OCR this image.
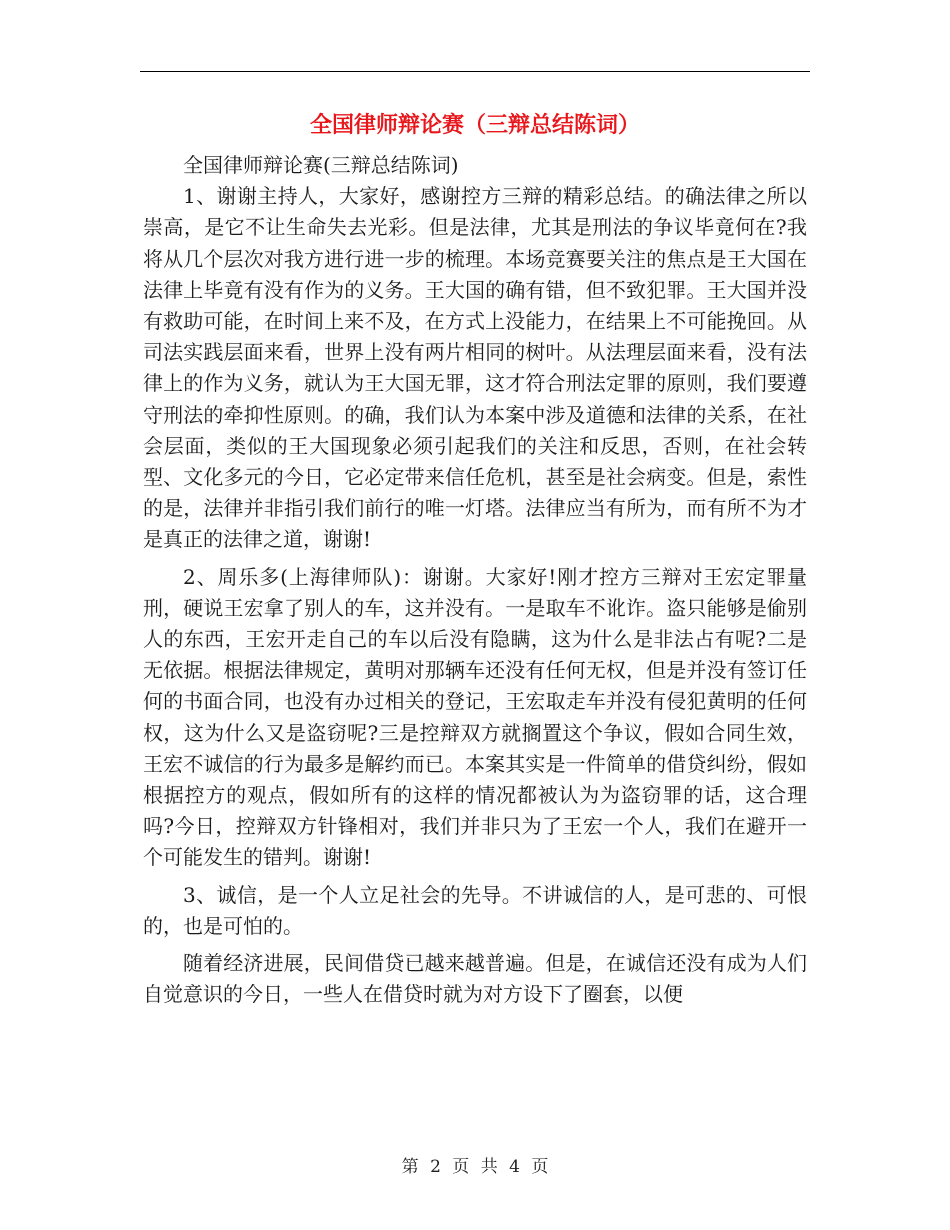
全国律师辩论赛（三辩总结陈词）

全国律师辩论赛(三辩总结陈词)

1、谢谢主持人，大家好，感谢控方三辩的精彩总结。的确法律之所以崇高，是它不让生命失去光彩。但是法律，尤其是刑法的争议毕竟何在?我将从几个层次对我方进行进一步的梳理。本场竞赛要关注的焦点是王大国在法律上毕竟有没有作为的义务。王大国的确有错，但不致犯罪。王大国并没有救助可能，在时间上来不及，在方式上没能力，在结果上不可能挽回。从司法实践层面来看，世界上没有两片相同的树叶。从法理层面来看，没有法律上的作为义务，就认为王大国无罪，这才符合刑法定罪的原则，我们要遵守刑法的牵抑性原则。的确，我们认为本案中涉及道德和法律的关系，在社会层面，类似的王大国现象必须引起我们的关注和反思，否则，在社会转型、文化多元的今日，它必定带来信任危机，甚至是社会病变。但是，索性的是，法律并非指引我们前行的唯一灯塔。法律应当有所为，而有所不为才是真正的法律之道，谢谢!

2、周乐多(上海律师队)：谢谢。大家好!刚才控方三辩对王宏定罪量刑，硬说王宏拿了别人的车，这并没有。一是取车不讹诈。盗只能够是偷别人的东西，王宏开走自己的车以后没有隐瞒，这为什么是非法占有呢?二是无依据。根据法律规定，黄明对那辆车还没有任何无权，但是并没有签订任何的书面合同，也没有办过相关的登记，王宏取走车并没有侵犯黄明的任何权，这为什么又是盗窃呢?三是控辩双方就搁置这个争议，假如合同生效，王宏不诚信的行为最多是解约而已。本案其实是一件简单的借贷纠纷，假如根据控方的观点，假如所有的这样的情况都被认为为盗窃罪的话，这合理吗?今日，控辩双方针锋相对，我们并非只为了王宏一个人，我们在避开一个可能发生的错判。谢谢!

3、诚信，是一个人立足社会的先导。不讲诚信的人，是可悲的、可恨的，也是可怕的。

随着经济进展，民间借贷已越来越普遍。但是，在诚信还没有成为人们自觉意识的今日，一些人在借贷时就为对方设下了圈套，以便

第 2 页 共 4 页
